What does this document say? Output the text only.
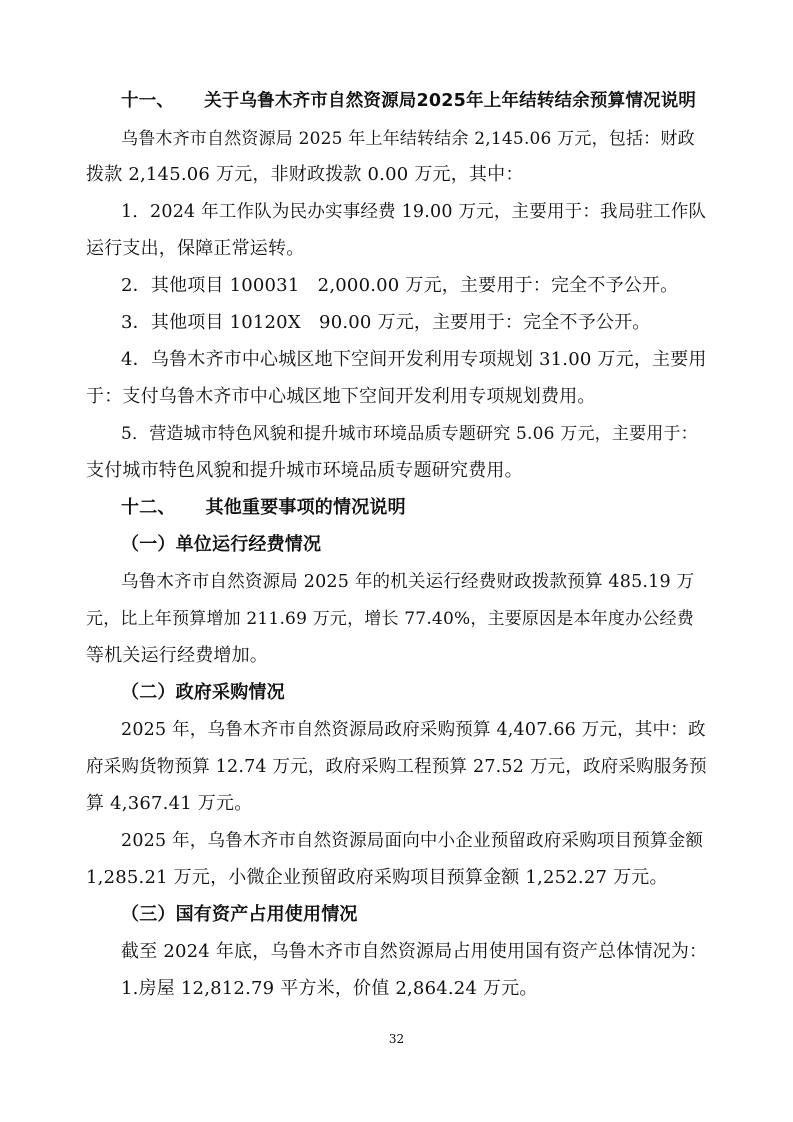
十一、 关于乌鲁木齐市自然资源局2025年上年结转结余预算情况说明
乌鲁木齐市自然资源局 2025 年上年结转结余 2,145.06 万元，包括：财政
拨款 2,145.06 万元，非财政拨款 0.00 万元，其中：
1．2024 年工作队为民办实事经费 19.00 万元，主要用于：我局驻工作队
运行支出，保障正常运转。
2．其他项目 100031　2,000.00 万元，主要用于：完全不予公开。
3．其他项目 10120X　90.00 万元，主要用于：完全不予公开。
4．乌鲁木齐市中心城区地下空间开发利用专项规划 31.00 万元，主要用
于：支付乌鲁木齐市中心城区地下空间开发利用专项规划费用。
5．营造城市特色风貌和提升城市环境品质专题研究 5.06 万元，主要用于：
支付城市特色风貌和提升城市环境品质专题研究费用。
十二、 其他重要事项的情况说明
（一）单位运行经费情况
乌鲁木齐市自然资源局 2025 年的机关运行经费财政拨款预算 485.19 万
元，比上年预算增加 211.69 万元，增长 77.40%，主要原因是本年度办公经费
等机关运行经费增加。
（二）政府采购情况
2025 年，乌鲁木齐市自然资源局政府采购预算 4,407.66 万元，其中：政
府采购货物预算 12.74 万元，政府采购工程预算 27.52 万元，政府采购服务预
算 4,367.41 万元。
2025 年，乌鲁木齐市自然资源局面向中小企业预留政府采购项目预算金额
1,285.21 万元，小微企业预留政府采购项目预算金额 1,252.27 万元。
（三）国有资产占用使用情况
截至 2024 年底，乌鲁木齐市自然资源局占用使用国有资产总体情况为：
1.房屋 12,812.79 平方米，价值 2,864.24 万元。
32
